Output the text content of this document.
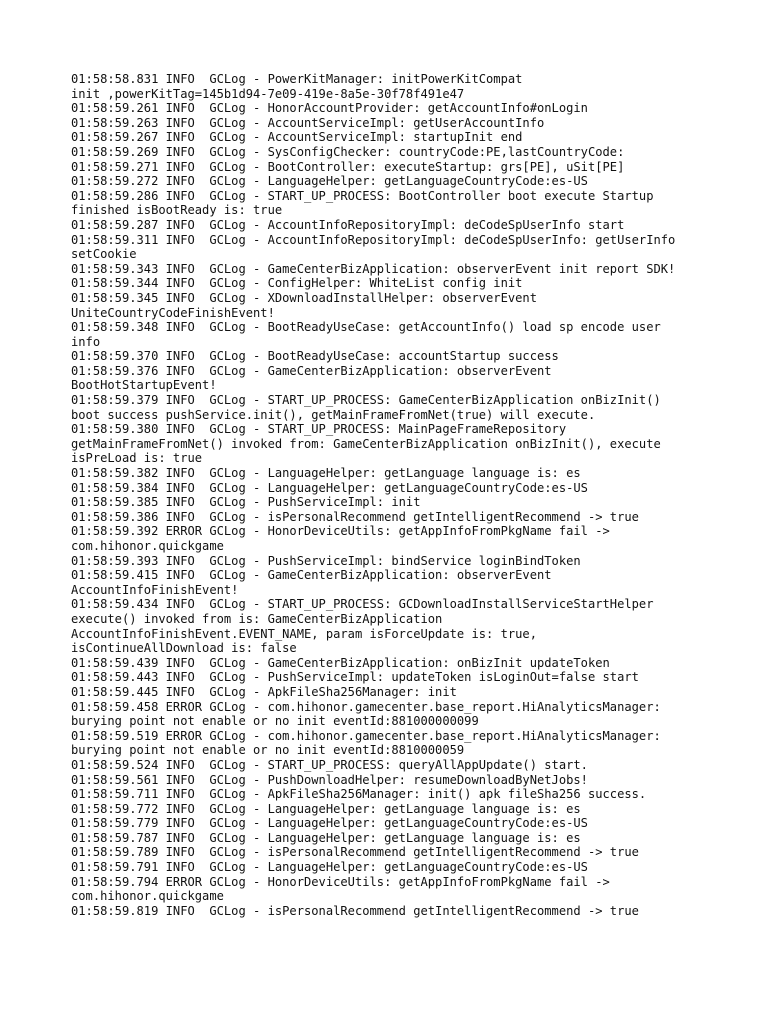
01:58:58.831 INFO  GCLog - PowerKitManager: initPowerKitCompat
init ,powerKitTag=145b1d94-7e09-419e-8a5e-30f78f491e47
01:58:59.261 INFO  GCLog - HonorAccountProvider: getAccountInfo#onLogin
01:58:59.263 INFO  GCLog - AccountServiceImpl: getUserAccountInfo
01:58:59.267 INFO  GCLog - AccountServiceImpl: startupInit end
01:58:59.269 INFO  GCLog - SysConfigChecker: countryCode:PE,lastCountryCode:
01:58:59.271 INFO  GCLog - BootController: executeStartup: grs[PE], uSit[PE]
01:58:59.272 INFO  GCLog - LanguageHelper: getLanguageCountryCode:es-US
01:58:59.286 INFO  GCLog - START_UP_PROCESS: BootController boot execute Startup
finished isBootReady is: true
01:58:59.287 INFO  GCLog - AccountInfoRepositoryImpl: deCodeSpUserInfo start
01:58:59.311 INFO  GCLog - AccountInfoRepositoryImpl: deCodeSpUserInfo: getUserInfo
setCookie
01:58:59.343 INFO  GCLog - GameCenterBizApplication: observerEvent init report SDK!
01:58:59.344 INFO  GCLog - ConfigHelper: WhiteList config init
01:58:59.345 INFO  GCLog - XDownloadInstallHelper: observerEvent
UniteCountryCodeFinishEvent!
01:58:59.348 INFO  GCLog - BootReadyUseCase: getAccountInfo() load sp encode user
info
01:58:59.370 INFO  GCLog - BootReadyUseCase: accountStartup success
01:58:59.376 INFO  GCLog - GameCenterBizApplication: observerEvent
BootHotStartupEvent!
01:58:59.379 INFO  GCLog - START_UP_PROCESS: GameCenterBizApplication onBizInit()
boot success pushService.init(), getMainFrameFromNet(true) will execute.
01:58:59.380 INFO  GCLog - START_UP_PROCESS: MainPageFrameRepository
getMainFrameFromNet() invoked from: GameCenterBizApplication onBizInit(), execute
isPreLoad is: true
01:58:59.382 INFO  GCLog - LanguageHelper: getLanguage language is: es
01:58:59.384 INFO  GCLog - LanguageHelper: getLanguageCountryCode:es-US
01:58:59.385 INFO  GCLog - PushServiceImpl: init
01:58:59.386 INFO  GCLog - isPersonalRecommend getIntelligentRecommend -> true
01:58:59.392 ERROR GCLog - HonorDeviceUtils: getAppInfoFromPkgName fail ->
com.hihonor.quickgame
01:58:59.393 INFO  GCLog - PushServiceImpl: bindService loginBindToken
01:58:59.415 INFO  GCLog - GameCenterBizApplication: observerEvent
AccountInfoFinishEvent!
01:58:59.434 INFO  GCLog - START_UP_PROCESS: GCDownloadInstallServiceStartHelper
execute() invoked from is: GameCenterBizApplication
AccountInfoFinishEvent.EVENT_NAME, param isForceUpdate is: true,
isContinueAllDownload is: false
01:58:59.439 INFO  GCLog - GameCenterBizApplication: onBizInit updateToken
01:58:59.443 INFO  GCLog - PushServiceImpl: updateToken isLoginOut=false start
01:58:59.445 INFO  GCLog - ApkFileSha256Manager: init
01:58:59.458 ERROR GCLog - com.hihonor.gamecenter.base_report.HiAnalyticsManager:
burying point not enable or no init eventId:881000000099
01:58:59.519 ERROR GCLog - com.hihonor.gamecenter.base_report.HiAnalyticsManager:
burying point not enable or no init eventId:8810000059
01:58:59.524 INFO  GCLog - START_UP_PROCESS: queryAllAppUpdate() start.
01:58:59.561 INFO  GCLog - PushDownloadHelper: resumeDownloadByNetJobs!
01:58:59.711 INFO  GCLog - ApkFileSha256Manager: init() apk fileSha256 success.
01:58:59.772 INFO  GCLog - LanguageHelper: getLanguage language is: es
01:58:59.779 INFO  GCLog - LanguageHelper: getLanguageCountryCode:es-US
01:58:59.787 INFO  GCLog - LanguageHelper: getLanguage language is: es
01:58:59.789 INFO  GCLog - isPersonalRecommend getIntelligentRecommend -> true
01:58:59.791 INFO  GCLog - LanguageHelper: getLanguageCountryCode:es-US
01:58:59.794 ERROR GCLog - HonorDeviceUtils: getAppInfoFromPkgName fail ->
com.hihonor.quickgame
01:58:59.819 INFO  GCLog - isPersonalRecommend getIntelligentRecommend -> true
